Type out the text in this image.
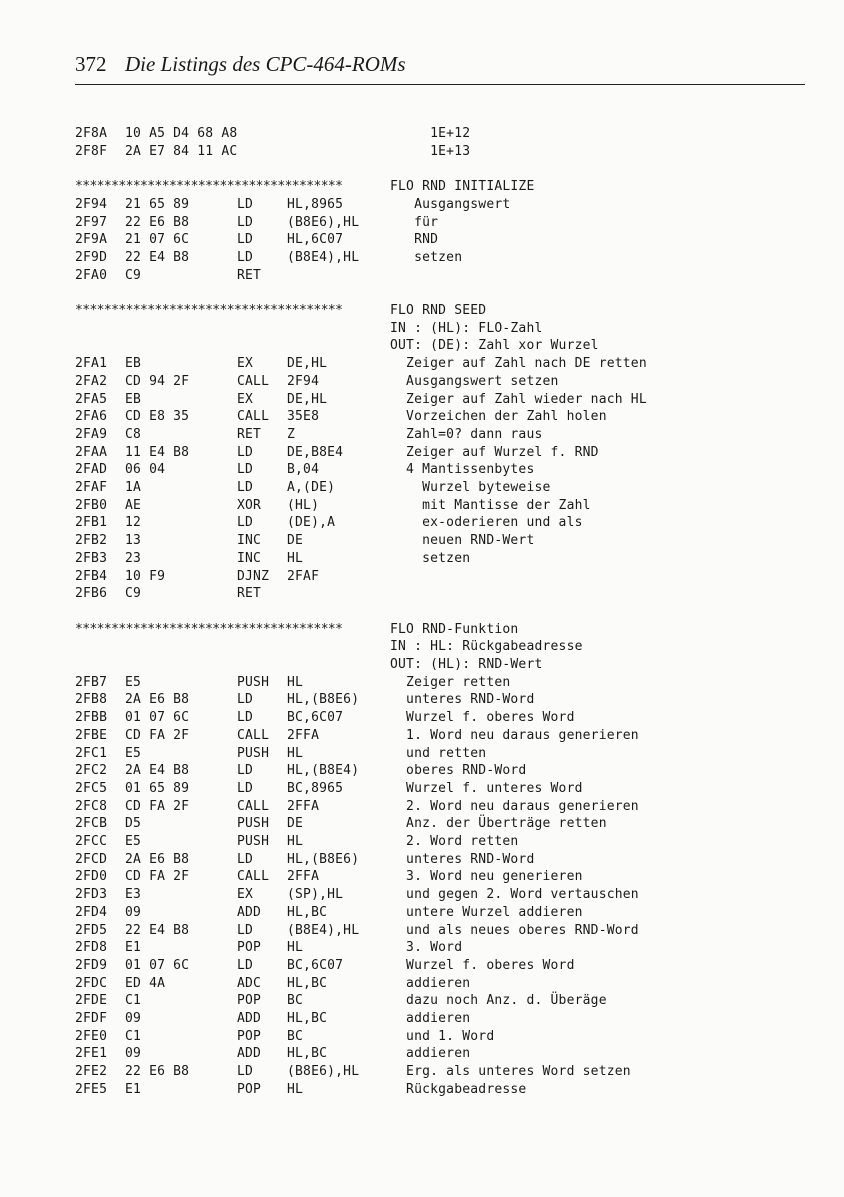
372 Die Listings des CPC-464-ROMs
2F8A 10 A5 D4 68 A8	1E+12
2F8F 2A E7 84 11 AC	1E+13
*************************************	FLO RND INITIALIZE
2F94 21 65 89	LD	HL,8965	Ausgangswert
2F97 22 E6 B8	LD	(B8E6),HL für
2F9A 21 07 6C	LD	HL,6C07	RND
2F9D 22 E4 B8	LD	(B8E4),HL setzen
2FA0 C9	RET
*************************************	FLO RND SEED
IN : (HL): FLO-Zahl
OUT: (DE): Zahl xor Wurzel
2FA1 EB	EX	DE,HL	Zeiger auf Zahl nach DE retten
2FA2 CD 94 2F	CALL 2F94	Ausgangswert setzen
2FA5 EB	EX	DE,HL	Zeiger auf Zahl wieder nach HL
2FA6 CD E8 35	CALL 35E8	Vorzeichen der Zahl holen
2FA9 C8	RET Z	Zahl=0? dann raus
2FAA 11 E4 B8	LD	DE,B8E4	Zeiger auf Wurzel f. RND
2FAD 06 04	LD	B,04	4 Mantissenbytes
2FAF 1A	LD	A,(DE)	Wurzel byteweise
2FB0 AE	XOR (HL)	mit Mantisse der Zahl
2FB1 12	LD	(DE),A	ex-oderieren und als
2FB2 13	INC DE	neuen RND-Wert
2FB3 23	INC HL	setzen
2FB4 10 F9	DJNZ 2FAF
2FB6 C9	RET
*************************************	FLO RND-Funktion
IN : HL: Rückgabeadresse
OUT: (HL): RND-Wert
2FB7 E5	PUSH HL	Zeiger retten
2FB8 2A E6 B8	LD	HL,(B8E6) unteres RND-Word
2FBB 01 07 6C	LD	BC,6C07	Wurzel f. oberes Word
2FBE CD FA 2F	CALL 2FFA	1. Word neu daraus generieren
2FC1 E5	PUSH HL	und retten
2FC2 2A E4 B8	LD	HL,(B8E4) oberes RND-Word
2FC5 01 65 89	LD	BC,8965	Wurzel f. unteres Word
2FC8 CD FA 2F	CALL 2FFA	2. Word neu daraus generieren
2FCB D5	PUSH DE	Anz. der Überträge retten
2FCC E5	PUSH HL	2. Word retten
2FCD 2A E6 B8	LD	HL,(B8E6) unteres RND-Word
2FD0 CD FA 2F	CALL 2FFA	3. Word neu generieren
2FD3 E3	EX	(SP),HL	und gegen 2. Word vertauschen
2FD4 09	ADD HL,BC	untere Wurzel addieren
2FD5 22 E4 B8	LD	(B8E4),HL und als neues oberes RND-Word
2FD8 E1	POP HL	3. Word
2FD9 01 07 6C	LD	BC,6C07	Wurzel f. oberes Word
2FDC ED 4A	ADC HL,BC	addieren
2FDE C1	POP BC	dazu noch Anz. d. Überäge
2FDF 09	ADD HL,BC	addieren
2FE0 C1	POP BC	und 1. Word
2FE1 09	ADD HL,BC	addieren
2FE2 22 E6 B8	LD	(B8E6),HL Erg. als unteres Word setzen
2FE5 E1	POP HL	Rückgabeadresse
